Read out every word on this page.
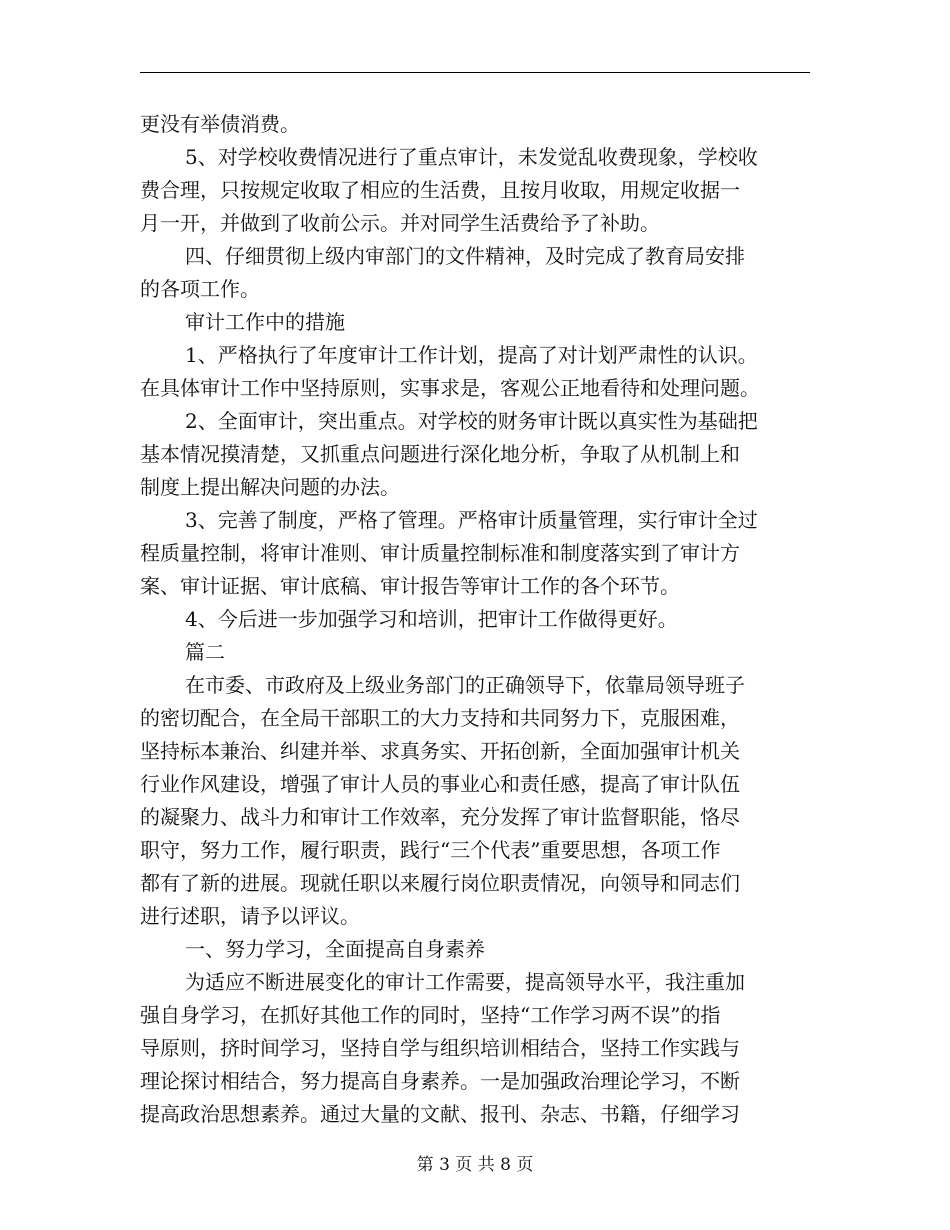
更没有举债消费。

5、对学校收费情况进行了重点审计，未发觉乱收费现象，学校收

费合理，只按规定收取了相应的生活费，且按月收取，用规定收据一

月一开，并做到了收前公示。并对同学生活费给予了补助。

四、仔细贯彻上级内审部门的文件精神，及时完成了教育局安排

的各项工作。

审计工作中的措施

1、严格执行了年度审计工作计划，提高了对计划严肃性的认识。

在具体审计工作中坚持原则，实事求是，客观公正地看待和处理问题。

2、全面审计，突出重点。对学校的财务审计既以真实性为基础把

基本情况摸清楚，又抓重点问题进行深化地分析，争取了从机制上和

制度上提出解决问题的办法。

3、完善了制度，严格了管理。严格审计质量管理，实行审计全过

程质量控制，将审计准则、审计质量控制标准和制度落实到了审计方

案、审计证据、审计底稿、审计报告等审计工作的各个环节。

4、今后进一步加强学习和培训，把审计工作做得更好。

篇二

在市委、市政府及上级业务部门的正确领导下，依靠局领导班子

的密切配合，在全局干部职工的大力支持和共同努力下，克服困难，

坚持标本兼治、纠建并举、求真务实、开拓创新，全面加强审计机关

行业作风建设，增强了审计人员的事业心和责任感，提高了审计队伍

的凝聚力、战斗力和审计工作效率，充分发挥了审计监督职能，恪尽

职守，努力工作，履行职责，践行“三个代表”重要思想，各项工作

都有了新的进展。现就任职以来履行岗位职责情况，向领导和同志们

进行述职，请予以评议。

一、努力学习，全面提高自身素养

为适应不断进展变化的审计工作需要，提高领导水平，我注重加

强自身学习，在抓好其他工作的同时，坚持“工作学习两不误”的指

导原则，挤时间学习，坚持自学与组织培训相结合，坚持工作实践与

理论探讨相结合，努力提高自身素养。一是加强政治理论学习，不断

提高政治思想素养。通过大量的文献、报刊、杂志、书籍，仔细学习

第 3 页 共 8 页
